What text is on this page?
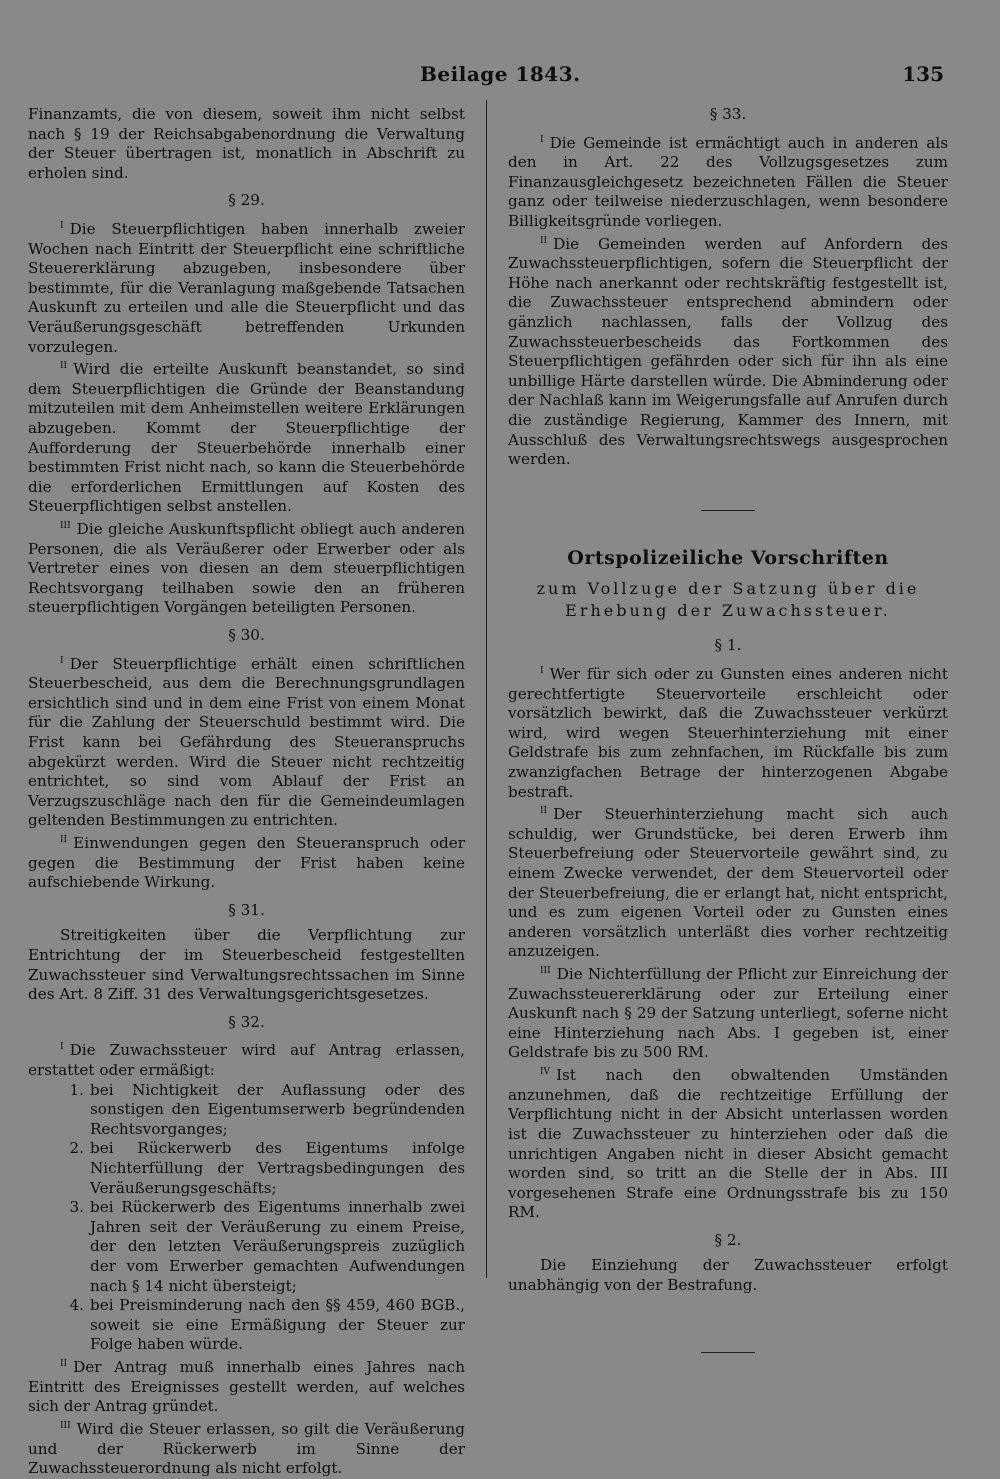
Beilage 1843.	135

Finanzamts, die von diesem, soweit ihm nicht selbst nach § 19 der Reichsabgabenordnung die Verwaltung der Steuer übertragen ist, monatlich in Abschrift zu erholen sind.

§ 29.

$^I$ Die Steuerpflichtigen haben innerhalb zweier Wochen nach Eintritt der Steuerpflicht eine schriftliche Steuererklärung abzugeben, insbesondere über bestimmte, für die Veranlagung maßgebende Tatsachen Auskunft zu erteilen und alle die Steuerpflicht und das Veräußerungsgeschäft betreffenden Urkunden vorzulegen.

$^{II}$ Wird die erteilte Auskunft beanstandet, so sind dem Steuerpflichtigen die Gründe der Beanstandung mitzuteilen mit dem Anheimstellen weitere Erklärungen abzugeben. Kommt der Steuerpflichtige der Aufforderung der Steuerbehörde innerhalb einer bestimmten Frist nicht nach, so kann die Steuerbehörde die erforderlichen Ermittlungen auf Kosten des Steuerpflichtigen selbst anstellen.

$^{III}$ Die gleiche Auskunftspflicht obliegt auch anderen Personen, die als Veräußerer oder Erwerber oder als Vertreter eines von diesen an dem steuerpflichtigen Rechtsvorgang teilhaben sowie den an früheren steuerpflichtigen Vorgängen beteiligten Personen.

§ 30.

$^I$ Der Steuerpflichtige erhält einen schriftlichen Steuerbescheid, aus dem die Berechnungsgrundlagen ersichtlich sind und in dem eine Frist von einem Monat für die Zahlung der Steuerschuld bestimmt wird. Die Frist kann bei Gefährdung des Steueranspruchs abgekürzt werden. Wird die Steuer nicht rechtzeitig entrichtet, so sind vom Ablauf der Frist an Verzugszuschläge nach den für die Gemeindeumlagen geltenden Bestimmungen zu entrichten.

$^{II}$ Einwendungen gegen den Steueranspruch oder gegen die Bestimmung der Frist haben keine aufschiebende Wirkung.

§ 31.

Streitigkeiten über die Verpflichtung zur Entrichtung der im Steuerbescheid festgestellten Zuwachssteuer sind Verwaltungsrechtssachen im Sinne des Art. 8 Ziff. 31 des Verwaltungsgerichtsgesetzes.

§ 32.

$^I$ Die Zuwachssteuer wird auf Antrag erlassen, erstattet oder ermäßigt:

1. bei Nichtigkeit der Auflassung oder des sonstigen den Eigentumserwerb begründenden Rechtsvorganges;
2. bei Rückerwerb des Eigentums infolge Nichterfüllung der Vertragsbedingungen des Veräußerungsgeschäfts;
3. bei Rückerwerb des Eigentums innerhalb zwei Jahren seit der Veräußerung zu einem Preise, der den letzten Veräußerungspreis zuzüglich der vom Erwerber gemachten Aufwendungen nach § 14 nicht übersteigt;
4. bei Preisminderung nach den §§ 459, 460 BGB., soweit sie eine Ermäßigung der Steuer zur Folge haben würde.

$^{II}$ Der Antrag muß innerhalb eines Jahres nach Eintritt des Ereignisses gestellt werden, auf welches sich der Antrag gründet.

$^{III}$ Wird die Steuer erlassen, so gilt die Veräußerung und der Rückerwerb im Sinne der Zuwachssteuerordnung als nicht erfolgt.

§ 33.

$^I$ Die Gemeinde ist ermächtigt auch in anderen als den in Art. 22 des Vollzugsgesetzes zum Finanzausgleichgesetz bezeichneten Fällen die Steuer ganz oder teilweise niederzuschlagen, wenn besondere Billigkeitsgründe vorliegen.

$^{II}$ Die Gemeinden werden auf Anfordern des Zuwachssteuerpflichtigen, sofern die Steuerpflicht der Höhe nach anerkannt oder rechtskräftig festgestellt ist, die Zuwachssteuer entsprechend abmindern oder gänzlich nachlassen, falls der Vollzug des Zuwachssteuerbescheids das Fortkommen des Steuerpflichtigen gefährden oder sich für ihn als eine unbillige Härte darstellen würde. Die Abminderung oder der Nachlaß kann im Weigerungsfalle auf Anrufen durch die zuständige Regierung, Kammer des Innern, mit Ausschluß des Verwaltungsrechtswegs ausgesprochen werden.

Ortspolizeiliche Vorschriften
zum Vollzuge der Satzung über die Erhebung der Zuwachssteuer.
§ 1.

$^I$ Wer für sich oder zu Gunsten eines anderen nicht gerechtfertigte Steuervorteile erschleicht oder vorsätzlich bewirkt, daß die Zuwachssteuer verkürzt wird, wird wegen Steuerhinterziehung mit einer Geldstrafe bis zum zehnfachen, im Rückfalle bis zum zwanzigfachen Betrage der hinterzogenen Abgabe bestraft.

$^{II}$ Der Steuerhinterziehung macht sich auch schuldig, wer Grundstücke, bei deren Erwerb ihm Steuerbefreiung oder Steuervorteile gewährt sind, zu einem Zwecke verwendet, der dem Steuervorteil oder der Steuerbefreiung, die er erlangt hat, nicht entspricht, und es zum eigenen Vorteil oder zu Gunsten eines anderen vorsätzlich unterläßt dies vorher rechtzeitig anzuzeigen.

$^{III}$ Die Nichterfüllung der Pflicht zur Einreichung der Zuwachssteuererklärung oder zur Erteilung einer Auskunft nach § 29 der Satzung unterliegt, soferne nicht eine Hinterziehung nach Abs. I gegeben ist, einer Geldstrafe bis zu 500 RM.

$^{IV}$ Ist nach den obwaltenden Umständen anzunehmen, daß die rechtzeitige Erfüllung der Verpflichtung nicht in der Absicht unterlassen worden ist die Zuwachssteuer zu hinterziehen oder daß die unrichtigen Angaben nicht in dieser Absicht gemacht worden sind, so tritt an die Stelle der in Abs. III vorgesehenen Strafe eine Ordnungsstrafe bis zu 150 RM.

§ 2.

Die Einziehung der Zuwachssteuer erfolgt unabhängig von der Bestrafung.
